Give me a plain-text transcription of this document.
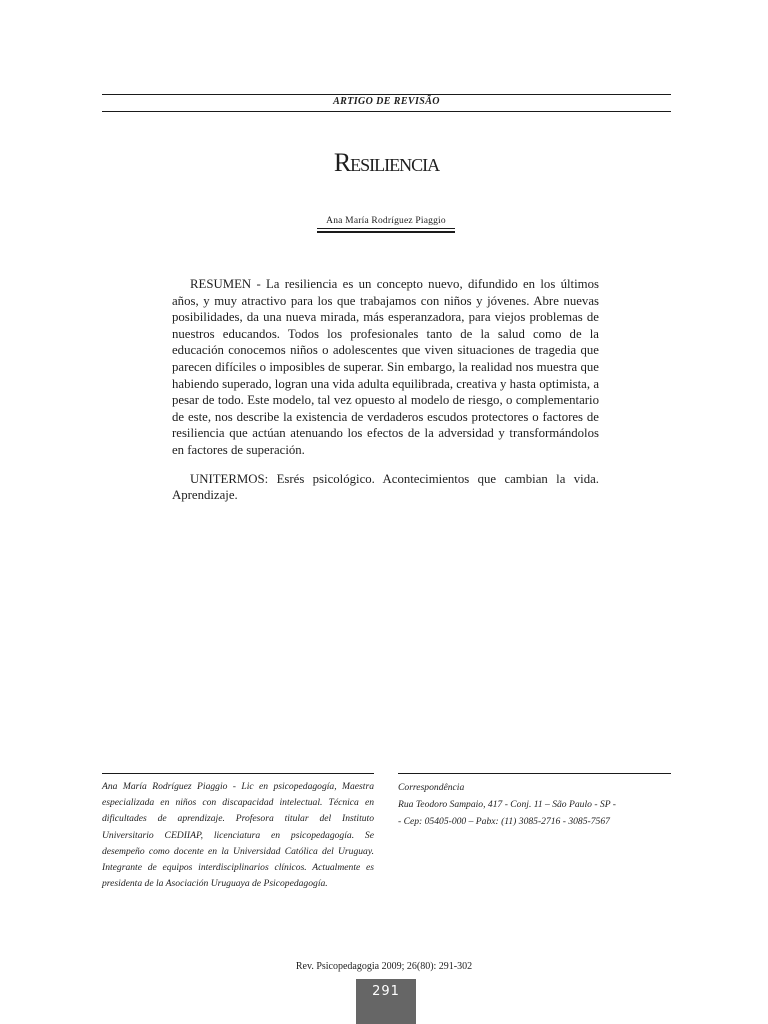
ARTIGO DE REVISÃO
Resiliencia
Ana María Rodríguez Piaggio

RESUMEN - La resiliencia es un concepto nuevo, difundido en los últimos años, y muy atractivo para los que trabajamos con niños y jóvenes. Abre nuevas posibilidades, da una nueva mirada, más esperanzadora, para viejos problemas de nuestros educandos. Todos los profesionales tanto de la salud como de la educación conocemos niños o adolescentes que viven situaciones de tragedia que parecen difíciles o imposibles de superar. Sin embargo, la realidad nos muestra que habiendo superado, logran una vida adulta equilibrada, creativa y hasta optimista, a pesar de todo. Este modelo, tal vez opuesto al modelo de riesgo, o complementario de este, nos describe la existencia de verdaderos escudos protectores o factores de resiliencia que actúan atenuando los efectos de la adversidad y transformándolos en factores de superación.

UNITERMOS: Esrés psicológico. Acontecimientos que cambian la vida. Aprendizaje.

Ana María Rodríguez Piaggio - Lic en psicopedagogía, Maestra especializada en niños con discapacidad intelectual. Técnica en dificultades de aprendizaje. Profesora titular del Instituto Universitario CEDIIAP, licenciatura en psicopedagogía. Se desempeño como docente en la Universidad Católica del Uruguay. Integrante de equipos interdisciplinarios clínicos. Actualmente es presidenta de la Asociación Uruguaya de Psicopedagogía.
Correspondência
Rua Teodoro Sampaio, 417 - Conj. 11 – São Paulo - SP -
- Cep: 05405-000 – Pabx: (11) 3085-2716 - 3085-7567
Rev. Psicopedagogia 2009; 26(80): 291-302
291
